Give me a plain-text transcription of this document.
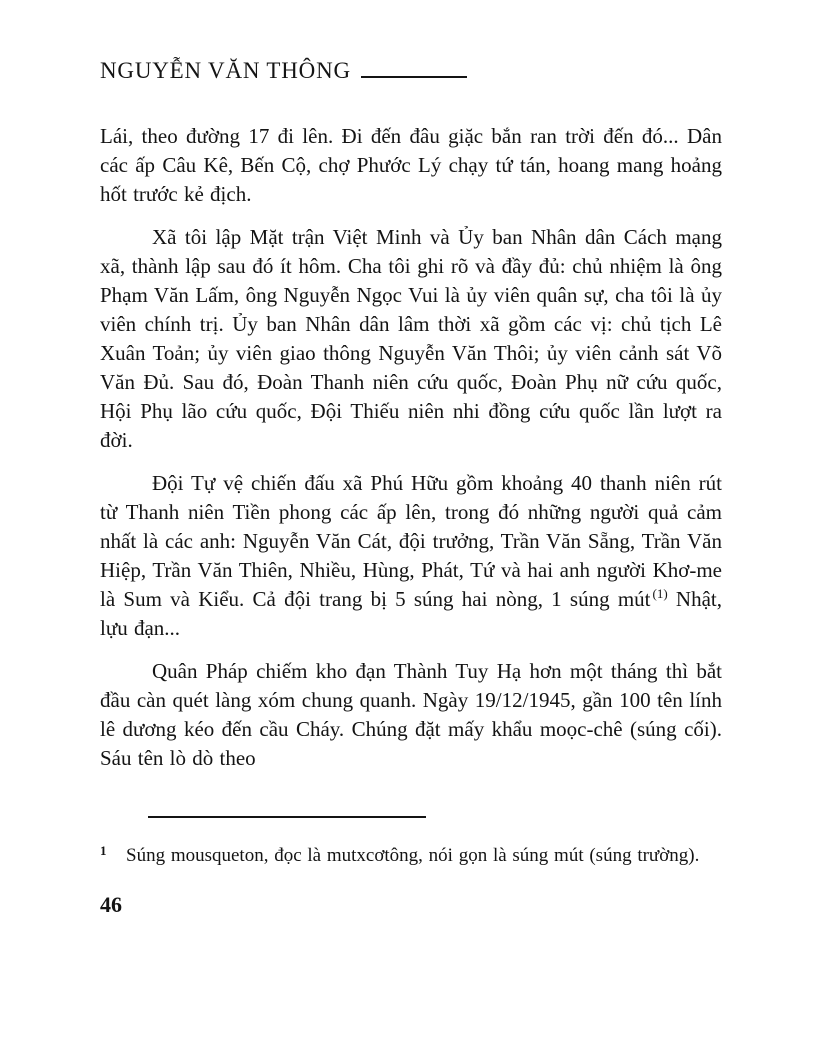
NGUYỄN VĂN THÔNG

Lái, theo đường 17 đi lên. Đi đến đâu giặc bắn ran trời đến đó... Dân các ấp Câu Kê, Bến Cộ, chợ Phước Lý chạy tứ tán, hoang mang hoảng hốt trước kẻ địch.

Xã tôi lập Mặt trận Việt Minh và Ủy ban Nhân dân Cách mạng xã, thành lập sau đó ít hôm. Cha tôi ghi rõ và đầy đủ: chủ nhiệm là ông Phạm Văn Lấm, ông Nguyễn Ngọc Vui là ủy viên quân sự, cha tôi là ủy viên chính trị. Ủy ban Nhân dân lâm thời xã gồm các vị: chủ tịch Lê Xuân Toản; ủy viên giao thông Nguyễn Văn Thôi; ủy viên cảnh sát Võ Văn Đủ. Sau đó, Đoàn Thanh niên cứu quốc, Đoàn Phụ nữ cứu quốc, Hội Phụ lão cứu quốc, Đội Thiếu niên nhi đồng cứu quốc lần lượt ra đời.

Đội Tự vệ chiến đấu xã Phú Hữu gồm khoảng 40 thanh niên rút từ Thanh niên Tiền phong các ấp lên, trong đó những người quả cảm nhất là các anh: Nguyễn Văn Cát, đội trưởng, Trần Văn Sẵng, Trần Văn Hiệp, Trần Văn Thiên, Nhiều, Hùng, Phát, Tứ và hai anh người Khơ-me là Sum và Kiểu. Cả đội trang bị 5 súng hai nòng, 1 súng mút $^{(1)}$ Nhật, lựu đạn...

Quân Pháp chiếm kho đạn Thành Tuy Hạ hơn một tháng thì bắt đầu càn quét làng xóm chung quanh. Ngày 19/12/1945, gần 100 tên lính lê dương kéo đến cầu Cháy. Chúng đặt mấy khẩu moọc-chê (súng cối). Sáu tên lò dò theo

1	Súng mousqueton, đọc là mutxcơtông, nói gọn là súng mút (súng trường).
46
